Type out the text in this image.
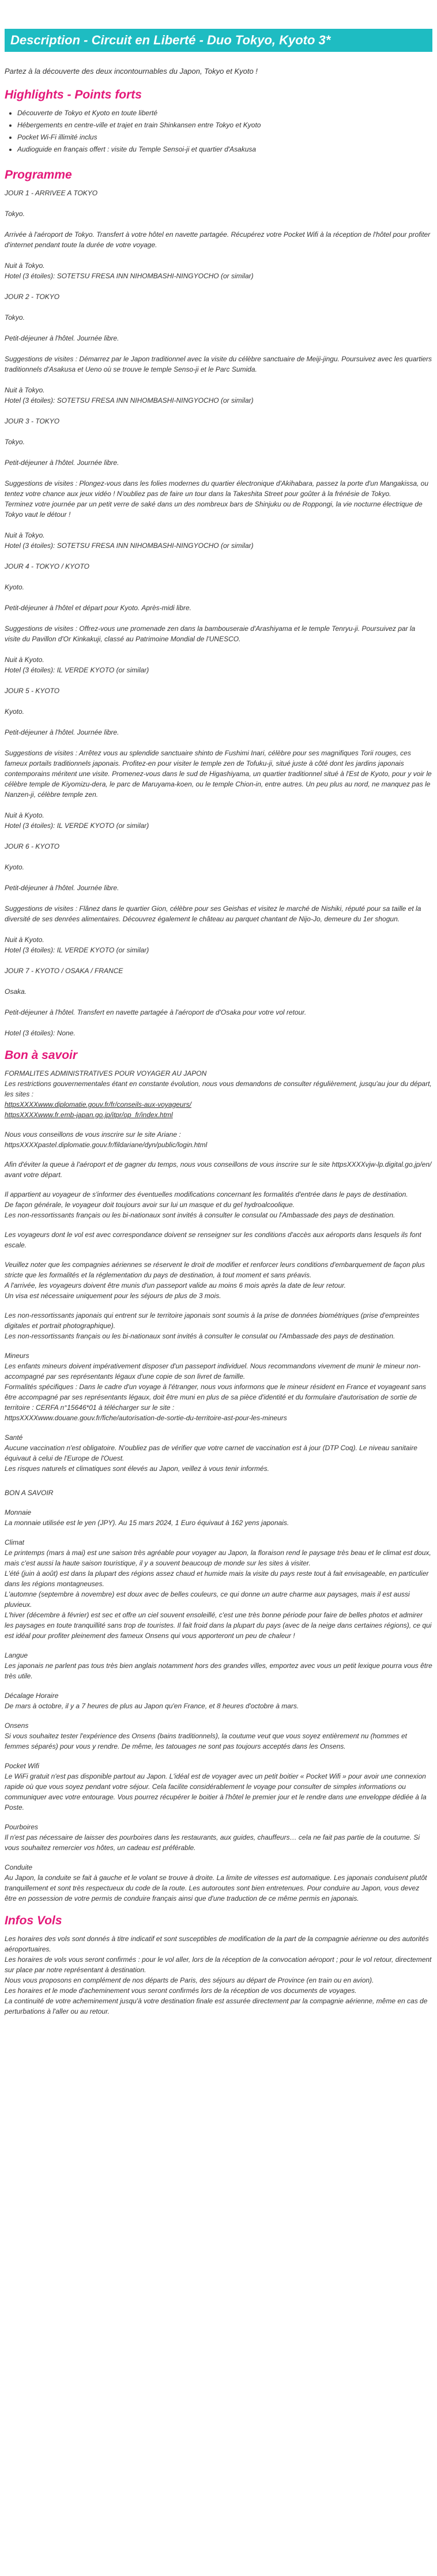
Description - Circuit en Liberté - Duo Tokyo, Kyoto 3*

Partez à la découverte des deux incontournables du Japon, Tokyo et Kyoto !

Highlights - Points forts
• Découverte de Tokyo et Kyoto en toute liberté
• Hébergements en centre-ville et trajet en train Shinkansen entre Tokyo et Kyoto
• Pocket Wi-Fi illimité inclus
• Audioguide en français offert : visite du Temple Sensoi-ji et quartier d'Asakusa
Programme

JOUR 1 - ARRIVEE A TOKYO

Tokyo.

Arrivée à l'aéroport de Tokyo. Transfert à votre hôtel en navette partagée. Récupérez votre Pocket Wifi à la réception de l'hôtel pour profiter d'internet pendant toute la durée de votre voyage.

Nuit à Tokyo.
Hotel (3 étoiles): SOTETSU FRESA INN NIHOMBASHI-NINGYOCHO (or similar)

JOUR 2 - TOKYO

Tokyo.

Petit-déjeuner à l'hôtel. Journée libre.

Suggestions de visites : Démarrez par le Japon traditionnel avec la visite du célèbre sanctuaire de Meiji-jingu. Poursuivez avec les quartiers traditionnels d'Asakusa et Ueno où se trouve le temple Senso-ji et le Parc Sumida.

Nuit à Tokyo.
Hotel (3 étoiles): SOTETSU FRESA INN NIHOMBASHI-NINGYOCHO (or similar)

JOUR 3 - TOKYO

Tokyo.

Petit-déjeuner à l'hôtel. Journée libre.

Suggestions de visites : Plongez-vous dans les folies modernes du quartier électronique d'Akihabara, passez la porte d'un Mangakissa, ou tentez votre chance aux jeux vidéo ! N'oubliez pas de faire un tour dans la Takeshita Street pour goûter à la frénésie de Tokyo.
Terminez votre journée par un petit verre de saké dans un des nombreux bars de Shinjuku ou de Roppongi, la vie nocturne électrique de Tokyo vaut le détour !

Nuit à Tokyo.
Hotel (3 étoiles): SOTETSU FRESA INN NIHOMBASHI-NINGYOCHO (or similar)

JOUR 4 - TOKYO / KYOTO

Kyoto.

Petit-déjeuner à l'hôtel et départ pour Kyoto. Après-midi libre.

Suggestions de visites : Offrez-vous une promenade zen dans la bambouseraie d'Arashiyama et le temple Tenryu-ji. Poursuivez par la visite du Pavillon d'Or Kinkakuji, classé au Patrimoine Mondial de l'UNESCO.

Nuit à Kyoto.
Hotel (3 étoiles): IL VERDE KYOTO (or similar)

JOUR 5 - KYOTO

Kyoto.

Petit-déjeuner à l'hôtel. Journée libre.

Suggestions de visites : Arrêtez vous au splendide sanctuaire shinto de Fushimi Inari, célèbre pour ses magnifiques Torii rouges, ces fameux portails traditionnels japonais. Profitez-en pour visiter le temple zen de Tofuku-ji, situé juste à côté dont les jardins japonais contemporains méritent une visite. Promenez-vous dans le sud de Higashiyama, un quartier traditionnel situé à l'Est de Kyoto, pour y voir le célèbre temple de Kiyomizu-dera, le parc de Maruyama-koen, ou le temple Chion-in, entre autres. Un peu plus au nord, ne manquez pas le Nanzen-ji, célèbre temple zen.

Nuit à Kyoto.
Hotel (3 étoiles): IL VERDE KYOTO (or similar)

JOUR 6 - KYOTO

Kyoto.

Petit-déjeuner à l'hôtel. Journée libre.

Suggestions de visites : Flânez dans le quartier Gion, célèbre pour ses Geishas et visitez le marché de Nishiki, réputé pour sa taille et la diversité de ses denrées alimentaires. Découvrez également le château au parquet chantant de Nijo-Jo, demeure du 1er shogun.

Nuit à Kyoto.
Hotel (3 étoiles): IL VERDE KYOTO (or similar)

JOUR 7 - KYOTO / OSAKA / FRANCE

Osaka.

Petit-déjeuner à l'hôtel. Transfert en navette partagée à l'aéroport de d'Osaka pour votre vol retour.

Hotel (3 étoiles): None.

Bon à savoir

FORMALITES ADMINISTRATIVES POUR VOYAGER AU JAPON
Les restrictions gouvernementales étant en constante évolution, nous vous demandons de consulter régulièrement, jusqu'au jour du départ, les sites :
httpsXXXXwww.diplomatie.gouv.fr/fr/conseils-aux-voyageurs/
httpsXXXXwww.fr.emb-japan.go.jp/itpr/op_fr/index.html

Nous vous conseillons de vous inscrire sur le site Ariane :
httpsXXXXpastel.diplomatie.gouv.fr/fildariane/dyn/public/login.html

Afin d'éviter la queue à l'aéroport et de gagner du temps, nous vous conseillons de vous inscrire sur le site httpsXXXXvjw-lp.digital.go.jp/en/ avant votre départ.

Il appartient au voyageur de s'informer des éventuelles modifications concernant les formalités d'entrée dans le pays de destination.
De façon générale, le voyageur doit toujours avoir sur lui un masque et du gel hydroalcoolique.
Les non-ressortissants français ou les bi-nationaux sont invités à consulter le consulat ou l'Ambassade des pays de destination.

Les voyageurs dont le vol est avec correspondance doivent se renseigner sur les conditions d'accès aux aéroports dans lesquels ils font escale.

Veuillez noter que les compagnies aériennes se réservent le droit de modifier et renforcer leurs conditions d'embarquement de façon plus stricte que les formalités et la réglementation du pays de destination, à tout moment et sans préavis.
A l'arrivée, les voyageurs doivent être munis d'un passeport valide au moins 6 mois après la date de leur retour.
Un visa est nécessaire uniquement pour les séjours de plus de 3 mois.

Les non-ressortissants japonais qui entrent sur le territoire japonais sont soumis à la prise de données biométriques (prise d'empreintes digitales et portrait photographique).
Les non-ressortissants français ou les bi-nationaux sont invités à consulter le consulat ou l'Ambassade des pays de destination.

Mineurs
Les enfants mineurs doivent impérativement disposer d'un passeport individuel. Nous recommandons vivement de munir le mineur non-accompagné par ses représentants légaux d'une copie de son livret de famille.
Formalités spécifiques : Dans le cadre d'un voyage à l'étranger, nous vous informons que le mineur résident en France et voyageant sans être accompagné par ses représentants légaux, doit être muni en plus de sa pièce d'identité et du formulaire d'autorisation de sortie de territoire : CERFA n°15646*01 à télécharger sur le site :
httpsXXXXwww.douane.gouv.fr/fiche/autorisation-de-sortie-du-territoire-ast-pour-les-mineurs

Santé
Aucune vaccination n'est obligatoire. N'oubliez pas de vérifier que votre carnet de vaccination est à jour (DTP Coq). Le niveau sanitaire équivaut à celui de l'Europe de l'Ouest.
Les risques naturels et climatiques sont élevés au Japon, veillez à vous tenir informés.

BON A SAVOIR

Monnaie
La monnaie utilisée est le yen (JPY). Au 15 mars 2024, 1 Euro équivaut à 162 yens japonais.

Climat
Le printemps (mars à mai) est une saison très agréable pour voyager au Japon, la floraison rend le paysage très beau et le climat est doux, mais c'est aussi la haute saison touristique, il y a souvent beaucoup de monde sur les sites à visiter.
L'été (juin à août) est dans la plupart des régions assez chaud et humide mais la visite du pays reste tout à fait envisageable, en particulier dans les régions montagneuses.
L'automne (septembre à novembre) est doux avec de belles couleurs, ce qui donne un autre charme aux paysages, mais il est aussi pluvieux.
L'hiver (décembre à février) est sec et offre un ciel souvent ensoleillé, c'est une très bonne période pour faire de belles photos et admirer les paysages en toute tranquillité sans trop de touristes. Il fait froid dans la plupart du pays (avec de la neige dans certaines régions), ce qui est idéal pour profiter pleinement des fameux Onsens qui vous apporteront un peu de chaleur !

Langue
Les japonais ne parlent pas tous très bien anglais notamment hors des grandes villes, emportez avec vous un petit lexique pourra vous être très utile.

Décalage Horaire
De mars à octobre, il y a 7 heures de plus au Japon qu'en France, et 8 heures d'octobre à mars.

Onsens
Si vous souhaitez tester l'expérience des Onsens (bains traditionnels), la coutume veut que vous soyez entièrement nu (hommes et femmes séparés) pour vous y rendre. De même, les tatouages ne sont pas toujours acceptés dans les Onsens.

Pocket Wifi
Le WiFi gratuit n'est pas disponible partout au Japon. L'idéal est de voyager avec un petit boitier « Pocket Wifi » pour avoir une connexion rapide où que vous soyez pendant votre séjour. Cela facilite considérablement le voyage pour consulter de simples informations ou communiquer avec votre entourage. Vous pourrez récupérer le boitier à l'hôtel le premier jour et le rendre dans une enveloppe dédiée à la Poste.

Pourboires
Il n'est pas nécessaire de laisser des pourboires dans les restaurants, aux guides, chauffeurs… cela ne fait pas partie de la coutume. Si vous souhaitez remercier vos hôtes, un cadeau est préférable.

Conduite
Au Japon, la conduite se fait à gauche et le volant se trouve à droite. La limite de vitesses est automatique. Les japonais conduisent plutôt tranquillement et sont très respectueux du code de la route. Les autoroutes sont bien entretenues. Pour conduire au Japon, vous devez être en possession de votre permis de conduire français ainsi que d'une traduction de ce même permis en japonais.

Infos Vols

Les horaires des vols sont donnés à titre indicatif et sont susceptibles de modification de la part de la compagnie aérienne ou des autorités aéroportuaires.
Les horaires de vols vous seront confirmés : pour le vol aller, lors de la réception de la convocation aéroport ; pour le vol retour, directement sur place par notre représentant à destination.
Nous vous proposons en complément de nos départs de Paris, des séjours au départ de Province (en train ou en avion).
Les horaires et le mode d'acheminement vous seront confirmés lors de la réception de vos documents de voyages.
La continuité de votre acheminement jusqu'à votre destination finale est assurée directement par la compagnie aérienne, même en cas de perturbations à l'aller ou au retour.
